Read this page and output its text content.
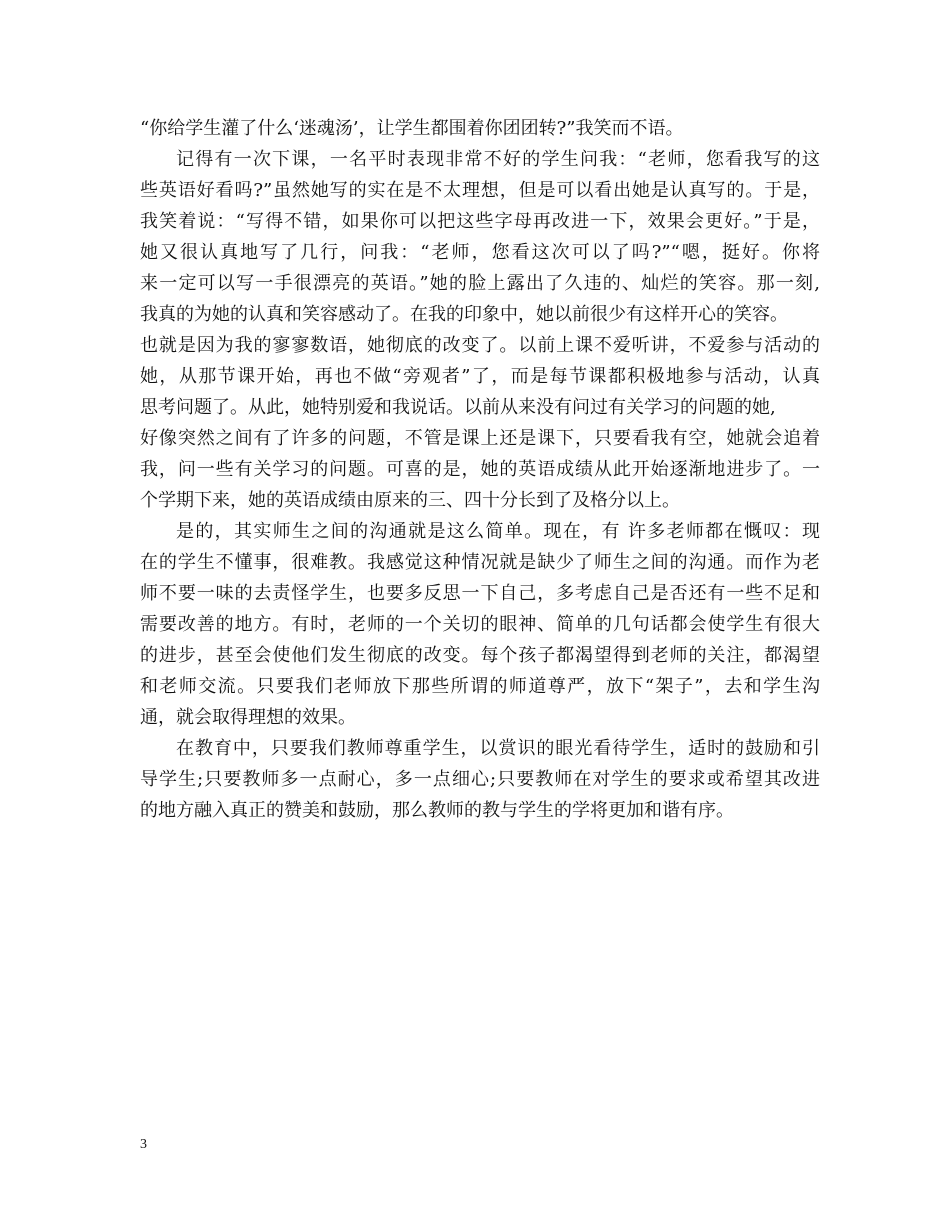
“你给学生灌了什么‘迷魂汤’，让学生都围着你团团转?”我笑而不语。
记得有一次下课，一名平时表现非常不好的学生问我：“老师，您看我写的这
些英语好看吗?”虽然她写的实在是不太理想，但是可以看出她是认真写的。于是，
我笑着说：“写得不错，如果你可以把这些字母再改进一下，效果会更好。”于是，
她又很认真地写了几行，问我：“老师，您看这次可以了吗?”“嗯，挺好。你将
来一定可以写一手很漂亮的英语。”她的脸上露出了久违的、灿烂的笑容。那一刻,
我真的为她的认真和笑容感动了。在我的印象中，她以前很少有这样开心的笑容。
也就是因为我的寥寥数语，她彻底的改变了。以前上课不爱听讲，不爱参与活动的
她，从那节课开始，再也不做“旁观者”了，而是每节课都积极地参与活动，认真
思考问题了。从此，她特别爱和我说话。以前从来没有问过有关学习的问题的她,
好像突然之间有了许多的问题，不管是课上还是课下，只要看我有空，她就会追着
我，问一些有关学习的问题。可喜的是，她的英语成绩从此开始逐渐地进步了。一
个学期下来，她的英语成绩由原来的三、四十分长到了及格分以上。
是的，其实师生之间的沟通就是这么简单。现在，有 许多老师都在慨叹：现
在的学生不懂事，很难教。我感觉这种情况就是缺少了师生之间的沟通。而作为老
师不要一味的去责怪学生，也要多反思一下自己，多考虑自己是否还有一些不足和
需要改善的地方。有时，老师的一个关切的眼神、简单的几句话都会使学生有很大
的进步，甚至会使他们发生彻底的改变。每个孩子都渴望得到老师的关注，都渴望
和老师交流。只要我们老师放下那些所谓的师道尊严，放下“架子”，去和学生沟
通，就会取得理想的效果。
在教育中，只要我们教师尊重学生，以赏识的眼光看待学生，适时的鼓励和引
导学生;只要教师多一点耐心，多一点细心;只要教师在对学生的要求或希望其改进
的地方融入真正的赞美和鼓励，那么教师的教与学生的学将更加和谐有序。
3
